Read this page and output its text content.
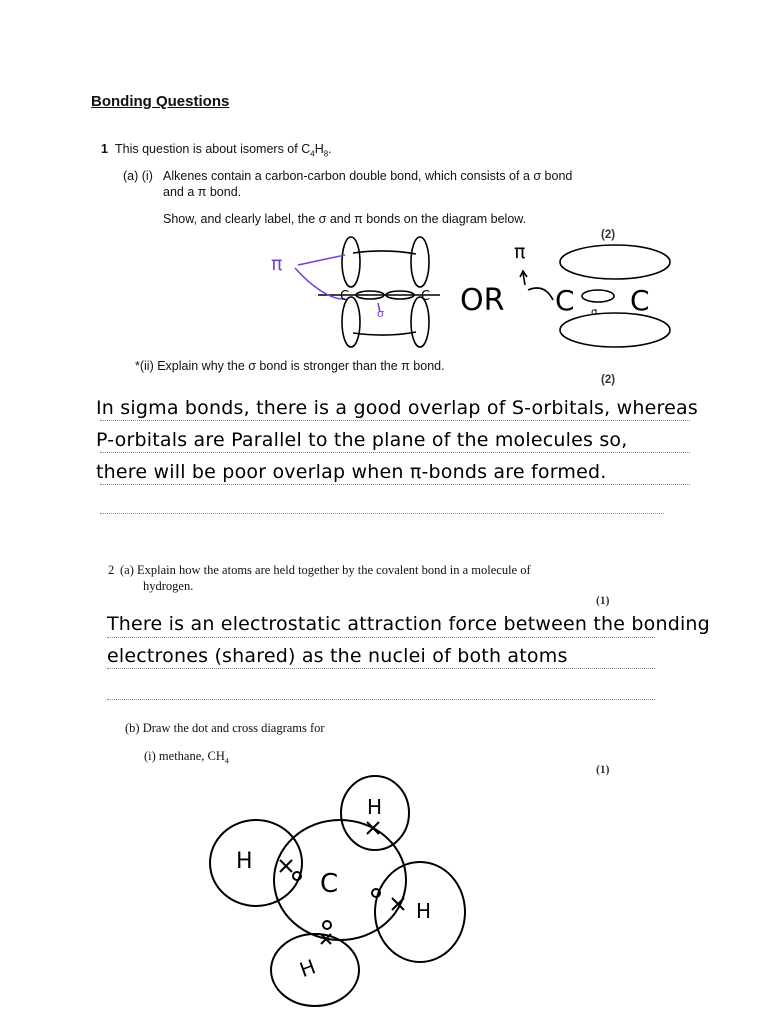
Bonding Questions
1 This question is about isomers of $C_4H_8$.
(a) (i) Alkenes contain a carbon-carbon double bond, which consists of a σ bond
and a π bond.
Show, and clearly label, the σ and π bonds on the diagram below.
(2)
π
σ
C	C OR
π
C C
σ
*(ii) Explain why the σ bond is stronger than the π bond.
(2)
In sigma bonds, there is a good overlap of S-orbitals, whereas
P-orbitals are Parallel to the plane of the molecules so,
there will be poor overlap when π-bonds are formed.
2 (a) Explain how the atoms are held together by the covalent bond in a molecule of
hydrogen.
(1)
There is an electrostatic attraction force between the bonding
electrones (shared) as the nuclei of both atoms
(b) Draw the dot and cross diagrams for
(i) methane, $CH_4$
(1)
C
H
H
H
H
